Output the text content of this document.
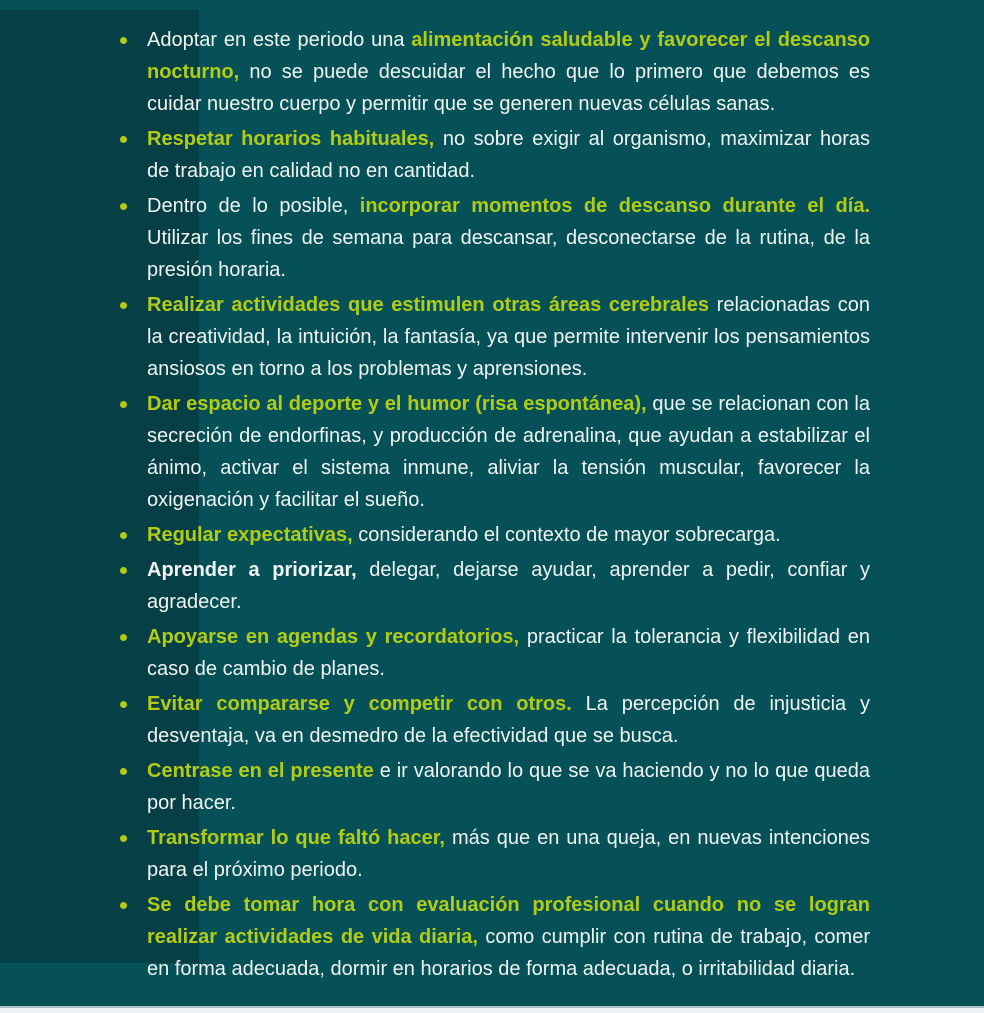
Adoptar en este periodo una alimentación saludable y favorecer el descanso nocturno, no se puede descuidar el hecho que lo primero que debemos es cuidar nuestro cuerpo y permitir que se generen nuevas células sanas.
Respetar horarios habituales, no sobre exigir al organismo, maximizar horas de trabajo en calidad no en cantidad.
Dentro de lo posible, incorporar momentos de descanso durante el día. Utilizar los fines de semana para descansar, desconectarse de la rutina, de la presión horaria.
Realizar actividades que estimulen otras áreas cerebrales relacionadas con la creatividad, la intuición, la fantasía, ya que permite intervenir los pensamientos ansiosos en torno a los problemas y aprensiones.
Dar espacio al deporte y el humor (risa espontánea), que se relacionan con la secreción de endorfinas, y producción de adrenalina, que ayudan a estabilizar el ánimo, activar el sistema inmune, aliviar la tensión muscular, favorecer la oxigenación y facilitar el sueño.
Regular expectativas, considerando el contexto de mayor sobrecarga.
Aprender a priorizar, delegar, dejarse ayudar, aprender a pedir, confiar y agradecer.
Apoyarse en agendas y recordatorios, practicar la tolerancia y flexibilidad en caso de cambio de planes.
Evitar compararse y competir con otros. La percepción de injusticia y desventaja, va en desmedro de la efectividad que se busca.
Centrase en el presente e ir valorando lo que se va haciendo y no lo que queda por hacer.
Transformar lo que faltó hacer, más que en una queja, en nuevas intenciones para el próximo periodo.
Se debe tomar hora con evaluación profesional cuando no se logran realizar actividades de vida diaria, como cumplir con rutina de trabajo, comer en forma adecuada, dormir en horarios de forma adecuada, o irritabilidad diaria.
